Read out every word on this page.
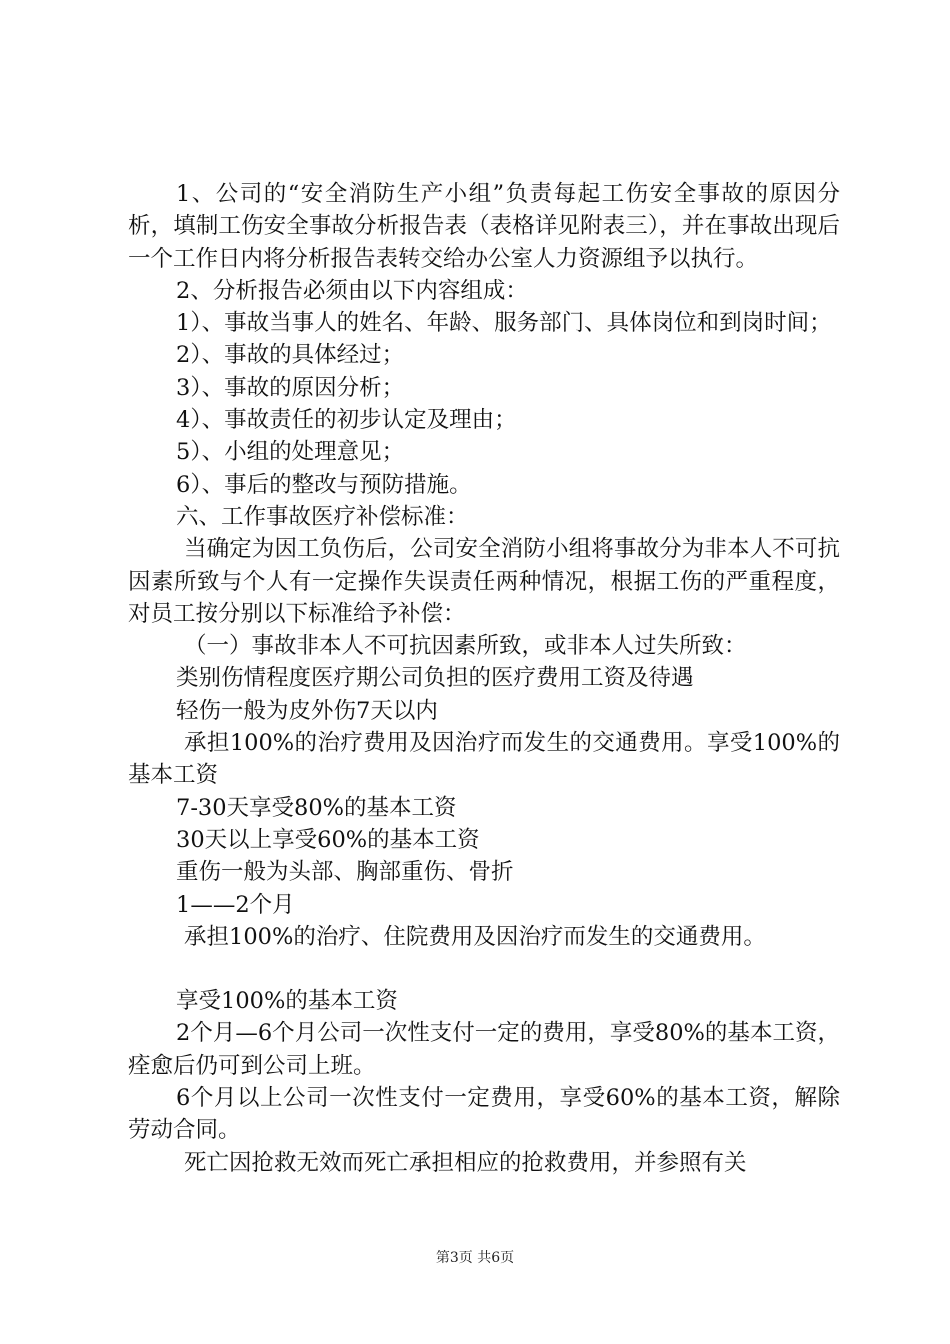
1、公司的“安全消防生产小组”负责每起工伤安全事故的原因分析，填制工伤安全事故分析报告表（表格详见附表三），并在事故出现后一个工作日内将分析报告表转交给办公室人力资源组予以执行。

2、分析报告必须由以下内容组成：

1）、事故当事人的姓名、年龄、服务部门、具体岗位和到岗时间；

2）、事故的具体经过；

3）、事故的原因分析；

4）、事故责任的初步认定及理由；

5）、小组的处理意见；

6）、事后的整改与预防措施。

六、工作事故医疗补偿标准：

当确定为因工负伤后，公司安全消防小组将事故分为非本人不可抗因素所致与个人有一定操作失误责任两种情况，根据工伤的严重程度，对员工按分别以下标准给予补偿：

（一）事故非本人不可抗因素所致，或非本人过失所致：

类别伤情程度医疗期公司负担的医疗费用工资及待遇

轻伤一般为皮外伤7天以内

承担100%的治疗费用及因治疗而发生的交通费用。享受100%的基本工资

7-30天享受80%的基本工资

30天以上享受60%的基本工资

重伤一般为头部、胸部重伤、骨折

1——2个月

承担100%的治疗、住院费用及因治疗而发生的交通费用。

享受100%的基本工资

2个月—6个月公司一次性支付一定的费用，享受80%的基本工资，痊愈后仍可到公司上班。

6个月以上公司一次性支付一定费用，享受60%的基本工资，解除劳动合同。

死亡因抢救无效而死亡承担相应的抢救费用，并参照有关

第3页 共6页
